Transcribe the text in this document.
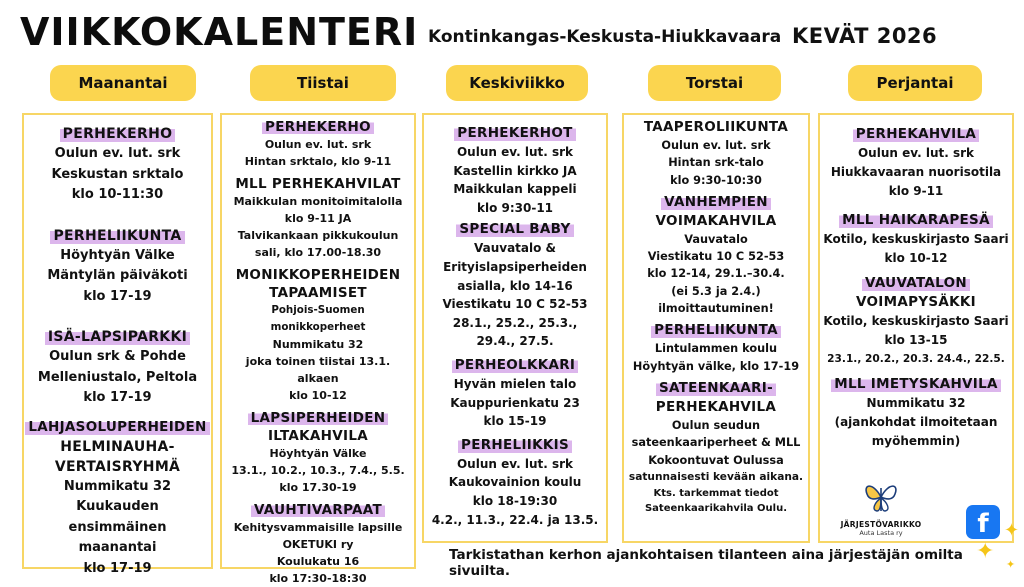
VIIKKOKALENTERI Kontinkangas-Keskusta-Hiukkavaara KEVÄT 2026
Maanantai	Tiistai	Keskiviikko	Torstai	Perjantai
PERHEKERHO
Oulun ev. lut. srk
Keskustan srktalo
klo 10-11:30
PERHELIIKUNTA
Höyhtyän Välke
Mäntylän päiväkoti
klo 17-19
ISÄ-LAPSIPARKKI
Oulun srk & Pohde
Melleniustalo, Peltola
klo 17-19
LAHJASOLUPERHEIDEN
HELMINAUHA-
VERTAISRYHMÄ
Nummikatu 32
Kuukauden ensimmäinen
maanantai
klo 17-19
PERHEKERHO
Oulun ev. lut. srk
Hintan srktalo, klo 9-11
MLL PERHEKAHVILAT
Maikkulan monitoimitalolla
klo 9-11 JA
Talvikankaan pikkukoulun
sali, klo 17.00-18.30
MONIKKOPERHEIDEN
TAPAAMISET
Pohjois-Suomen monikkoperheet
Nummikatu 32
joka toinen tiistai 13.1. alkaen
klo 10-12
LAPSIPERHEIDEN
ILTAKAHVILA
Höyhtyän Välke
13.1., 10.2., 10.3., 7.4., 5.5.
klo 17.30-19
VAUHTIVARPAAT
Kehitysvammaisille lapsille
OKETUKI ry
Koulukatu 16
klo 17:30-18:30
PERHEKERHOT
Oulun ev. lut. srk
Kastellin kirkko JA
Maikkulan kappeli
klo 9:30-11
SPECIAL BABY
Vauvatalo &
Erityislapsiperheiden
asialla, klo 14-16
Viestikatu 10 C 52-53
28.1., 25.2., 25.3.,
29.4., 27.5.
PERHEOLKKARI
Hyvän mielen talo
Kauppurienkatu 23
klo 15-19
PERHELIIKKIS
Oulun ev. lut. srk
Kaukovainion koulu
klo 18-19:30
4.2., 11.3., 22.4. ja 13.5.
TAAPEROLIIKUNTA
Oulun ev. lut. srk
Hintan srk-talo
klo 9:30-10:30
VANHEMPIEN
VOIMAKAHVILA
Vauvatalo
Viestikatu 10 C 52-53
klo 12-14, 29.1.–30.4.
(ei 5.3 ja 2.4.)
ilmoittautuminen!
PERHELIIKUNTA
Lintulammen koulu
Höyhtyän välke, klo 17-19
SATEENKAARI-
PERHEKAHVILA
Oulun seudun
sateenkaariperheet & MLL
Kokoontuvat Oulussa
satunnaisesti kevään aikana.
Kts. tarkemmat tiedot
Sateenkaarikahvila Oulu.
PERHEKAHVILA
Oulun ev. lut. srk
Hiukkavaaran nuorisotila
klo 9-11
MLL HAIKARAPESÄ
Kotilo, keskuskirjasto Saari
klo 10-12
VAUVATALON
VOIMAPYSÄKKI
Kotilo, keskuskirjasto Saari
klo 13-15
23.1., 20.2., 20.3. 24.4., 22.5.
MLL IMETYSKAHVILA
Nummikatu 32
(ajankohdat ilmoitetaan
myöhemmin)
JÄRJESTÖVARIKKO
Auta Lasta ry	f ✦
✦
✦
Tarkistathan kerhon ajankohtaisen tilanteen aina järjestäjän omilta sivuilta.
